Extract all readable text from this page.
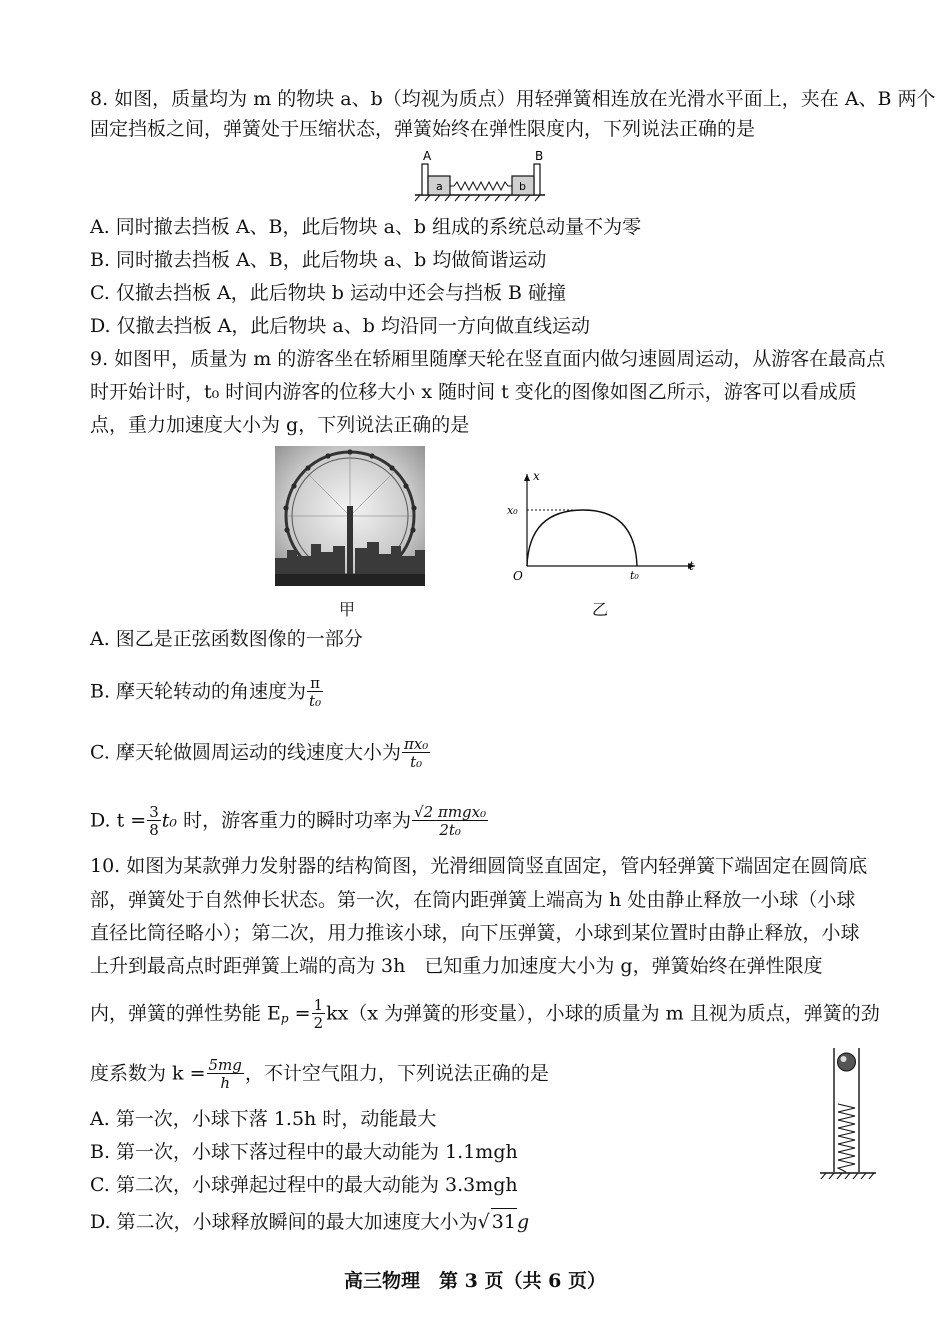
8. 如图，质量均为 m 的物块 a、b（均视为质点）用轻弹簧相连放在光滑水平面上，夹在 A、B 两个
固定挡板之间，弹簧处于压缩状态，弹簧始终在弹性限度内，下列说法正确的是
A	B
a	b
A. 同时撤去挡板 A、B，此后物块 a、b 组成的系统总动量不为零
B. 同时撤去挡板 A、B，此后物块 a、b 均做简谐运动
C. 仅撤去挡板 A，此后物块 b 运动中还会与挡板 B 碰撞
D. 仅撤去挡板 A，此后物块 a、b 均沿同一方向做直线运动
9. 如图甲，质量为 m 的游客坐在轿厢里随摩天轮在竖直面内做匀速圆周运动，从游客在最高点
时开始计时，t₀ 时间内游客的位移大小 x 随时间 t 变化的图像如图乙所示，游客可以看成质
点，重力加速度大小为 g，下列说法正确的是
x
t
O
x₀
t₀
甲	乙
A. 图乙是正弦函数图像的一部分
B. 摩天轮转动的角速度为 $\frac{\pi}{\text{t₀}}$
C. 摩天轮做圆周运动的线速度大小为 $\frac{\text{πx₀}}{\text{t₀}}$
D. $t = \frac{3}{8} t_0$ 时，游客重力的瞬时功率为 $\frac{\text{√2 πmgx₀}}{\text{2t₀}}$
10. 如图为某款弹力发射器的结构简图，光滑细圆筒竖直固定，管内轻弹簧下端固定在圆筒底
部，弹簧处于自然伸长状态。第一次，在筒内距弹簧上端高为 h 处由静止释放一小球（小球
直径比筒径略小）；第二次，用力推该小球，向下压弹簧，小球到某位置时由静止释放，小球
上升到最高点时距弹簧上端的高为 3h　已知重力加速度大小为 g，弹簧始终在弹性限度
内，弹簧的弹性势能 $E_p = \frac{1}{2} kx(x$ 为弹簧的形变量），小球的质量为 m 且视为质点，弹簧的劲
度系数为 $k = \frac{5mg}{h}$ ，不计空气阻力，下列说法正确的是
A. 第一次，小球下落 1.5h 时，动能最大
B. 第一次，小球下落过程中的最大动能为 1.1mgh
C. 第二次，小球弹起过程中的最大动能为 3.3mgh
D. 第二次，小球释放瞬间的最大加速度大小为√ 31g
高三物理　第 3 页（共 6 页）
